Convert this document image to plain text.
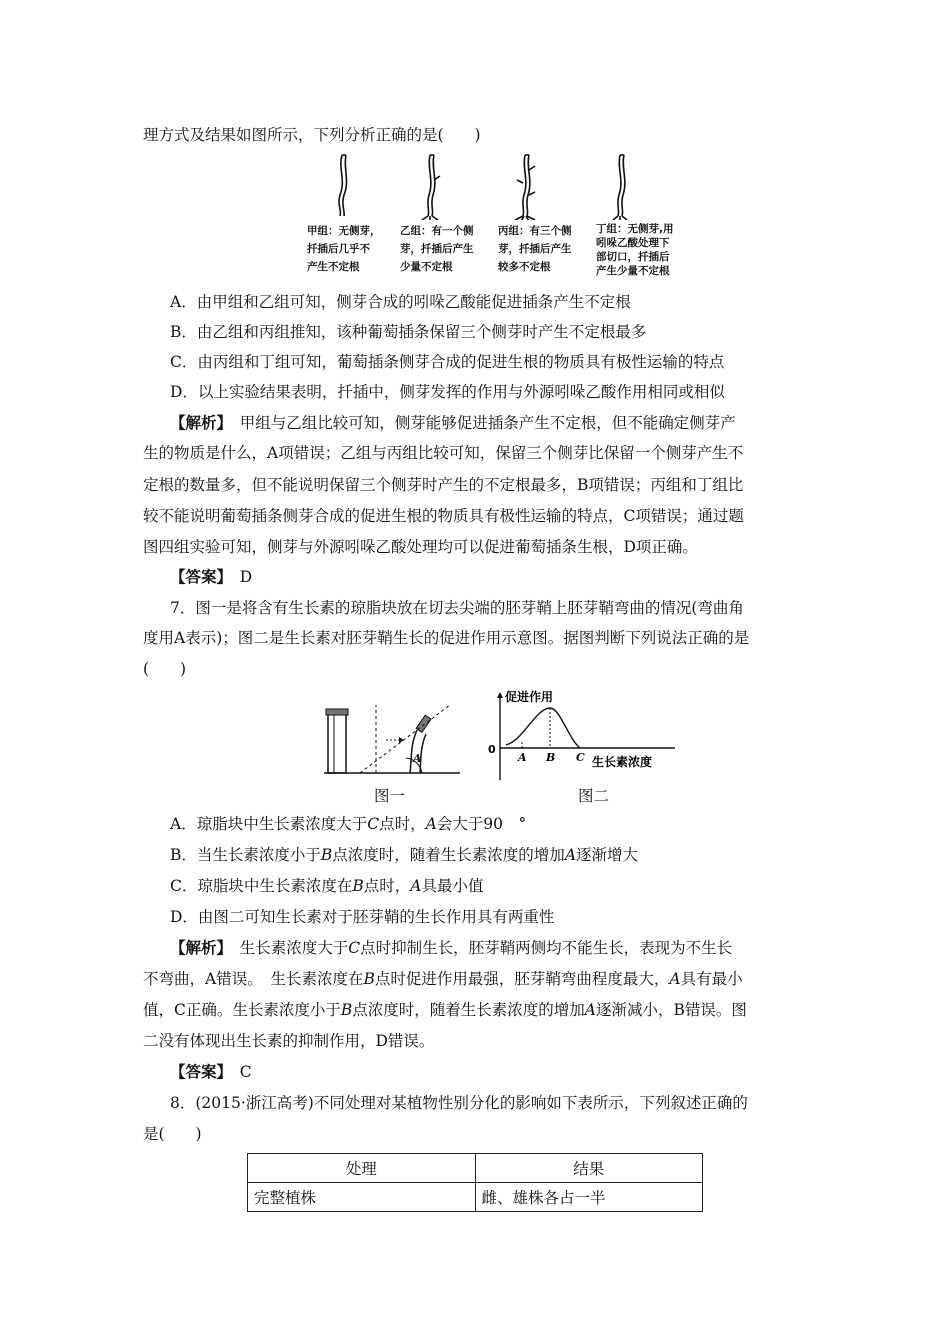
理方式及结果如图所示，下列分析正确的是(　　)
甲组：无侧芽，
扦插后几乎不
产生不定根
乙组：有一个侧
芽，扦插后产生
少量不定根
丙组：有三个侧
芽，扦插后产生
较多不定根
丁组：无侧芽,用
吲哚乙酸处理下
部切口，扦插后
产生少量不定根
A．由甲组和乙组可知，侧芽合成的吲哚乙酸能促进插条产生不定根
B．由乙组和丙组推知，该种葡萄插条保留三个侧芽时产生不定根最多
C．由丙组和丁组可知，葡萄插条侧芽合成的促进生根的物质具有极性运输的特点
D．以上实验结果表明，扦插中，侧芽发挥的作用与外源吲哚乙酸作用相同或相似
【解析】　 甲组与乙组比较可知，侧芽能够促进插条产生不定根，但不能确定侧芽产
生的物质是什么，A项错误；乙组与丙组比较可知，保留三个侧芽比保留一个侧芽产生不
定根的数量多，但不能说明保留三个侧芽时产生的不定根最多，B项错误；丙组和丁组比
较不能说明葡萄插条侧芽合成的促进生根的物质具有极性运输的特点，C项错误；通过题
图四组实验可知，侧芽与外源吲哚乙酸处理均可以促进葡萄插条生根，D项正确。
【答案】　 D
7．图一是将含有生长素的琼脂块放在切去尖端的胚芽鞘上胚芽鞘弯曲的情况(弯曲角
度用A表示)；图二是生长素对胚芽鞘生长的促进作用示意图。据图判断下列说法正确的是
(　　)
A
图一
促进作用
0
生长素浓度
A B C
图二
A．琼脂块中生长素浓度大于C点时，A会大于90　°
B．当生长素浓度小于B点浓度时，随着生长素浓度的增加A逐渐增大
C．琼脂块中生长素浓度在B点时，A具最小值
D．由图二可知生长素对于胚芽鞘的生长作用具有两重性
【解析】　 生长素浓度大于C点时抑制生长，胚芽鞘两侧均不能生长，表现为不生长
不弯曲，A错误。　生长素浓度在B点时促进作用最强，胚芽鞘弯曲程度最大，A具有最小
值，C正确。生长素浓度小于B点浓度时，随着生长素浓度的增加A逐渐减小，B错误。图
二没有体现出生长素的抑制作用，D错误。
【答案】　 C
8．(2015·浙江高考)不同处理对某植物性别分化的影响如下表所示，下列叙述正确的
是(　　)
处理	结果
完整植株	雌、雄株各占一半
